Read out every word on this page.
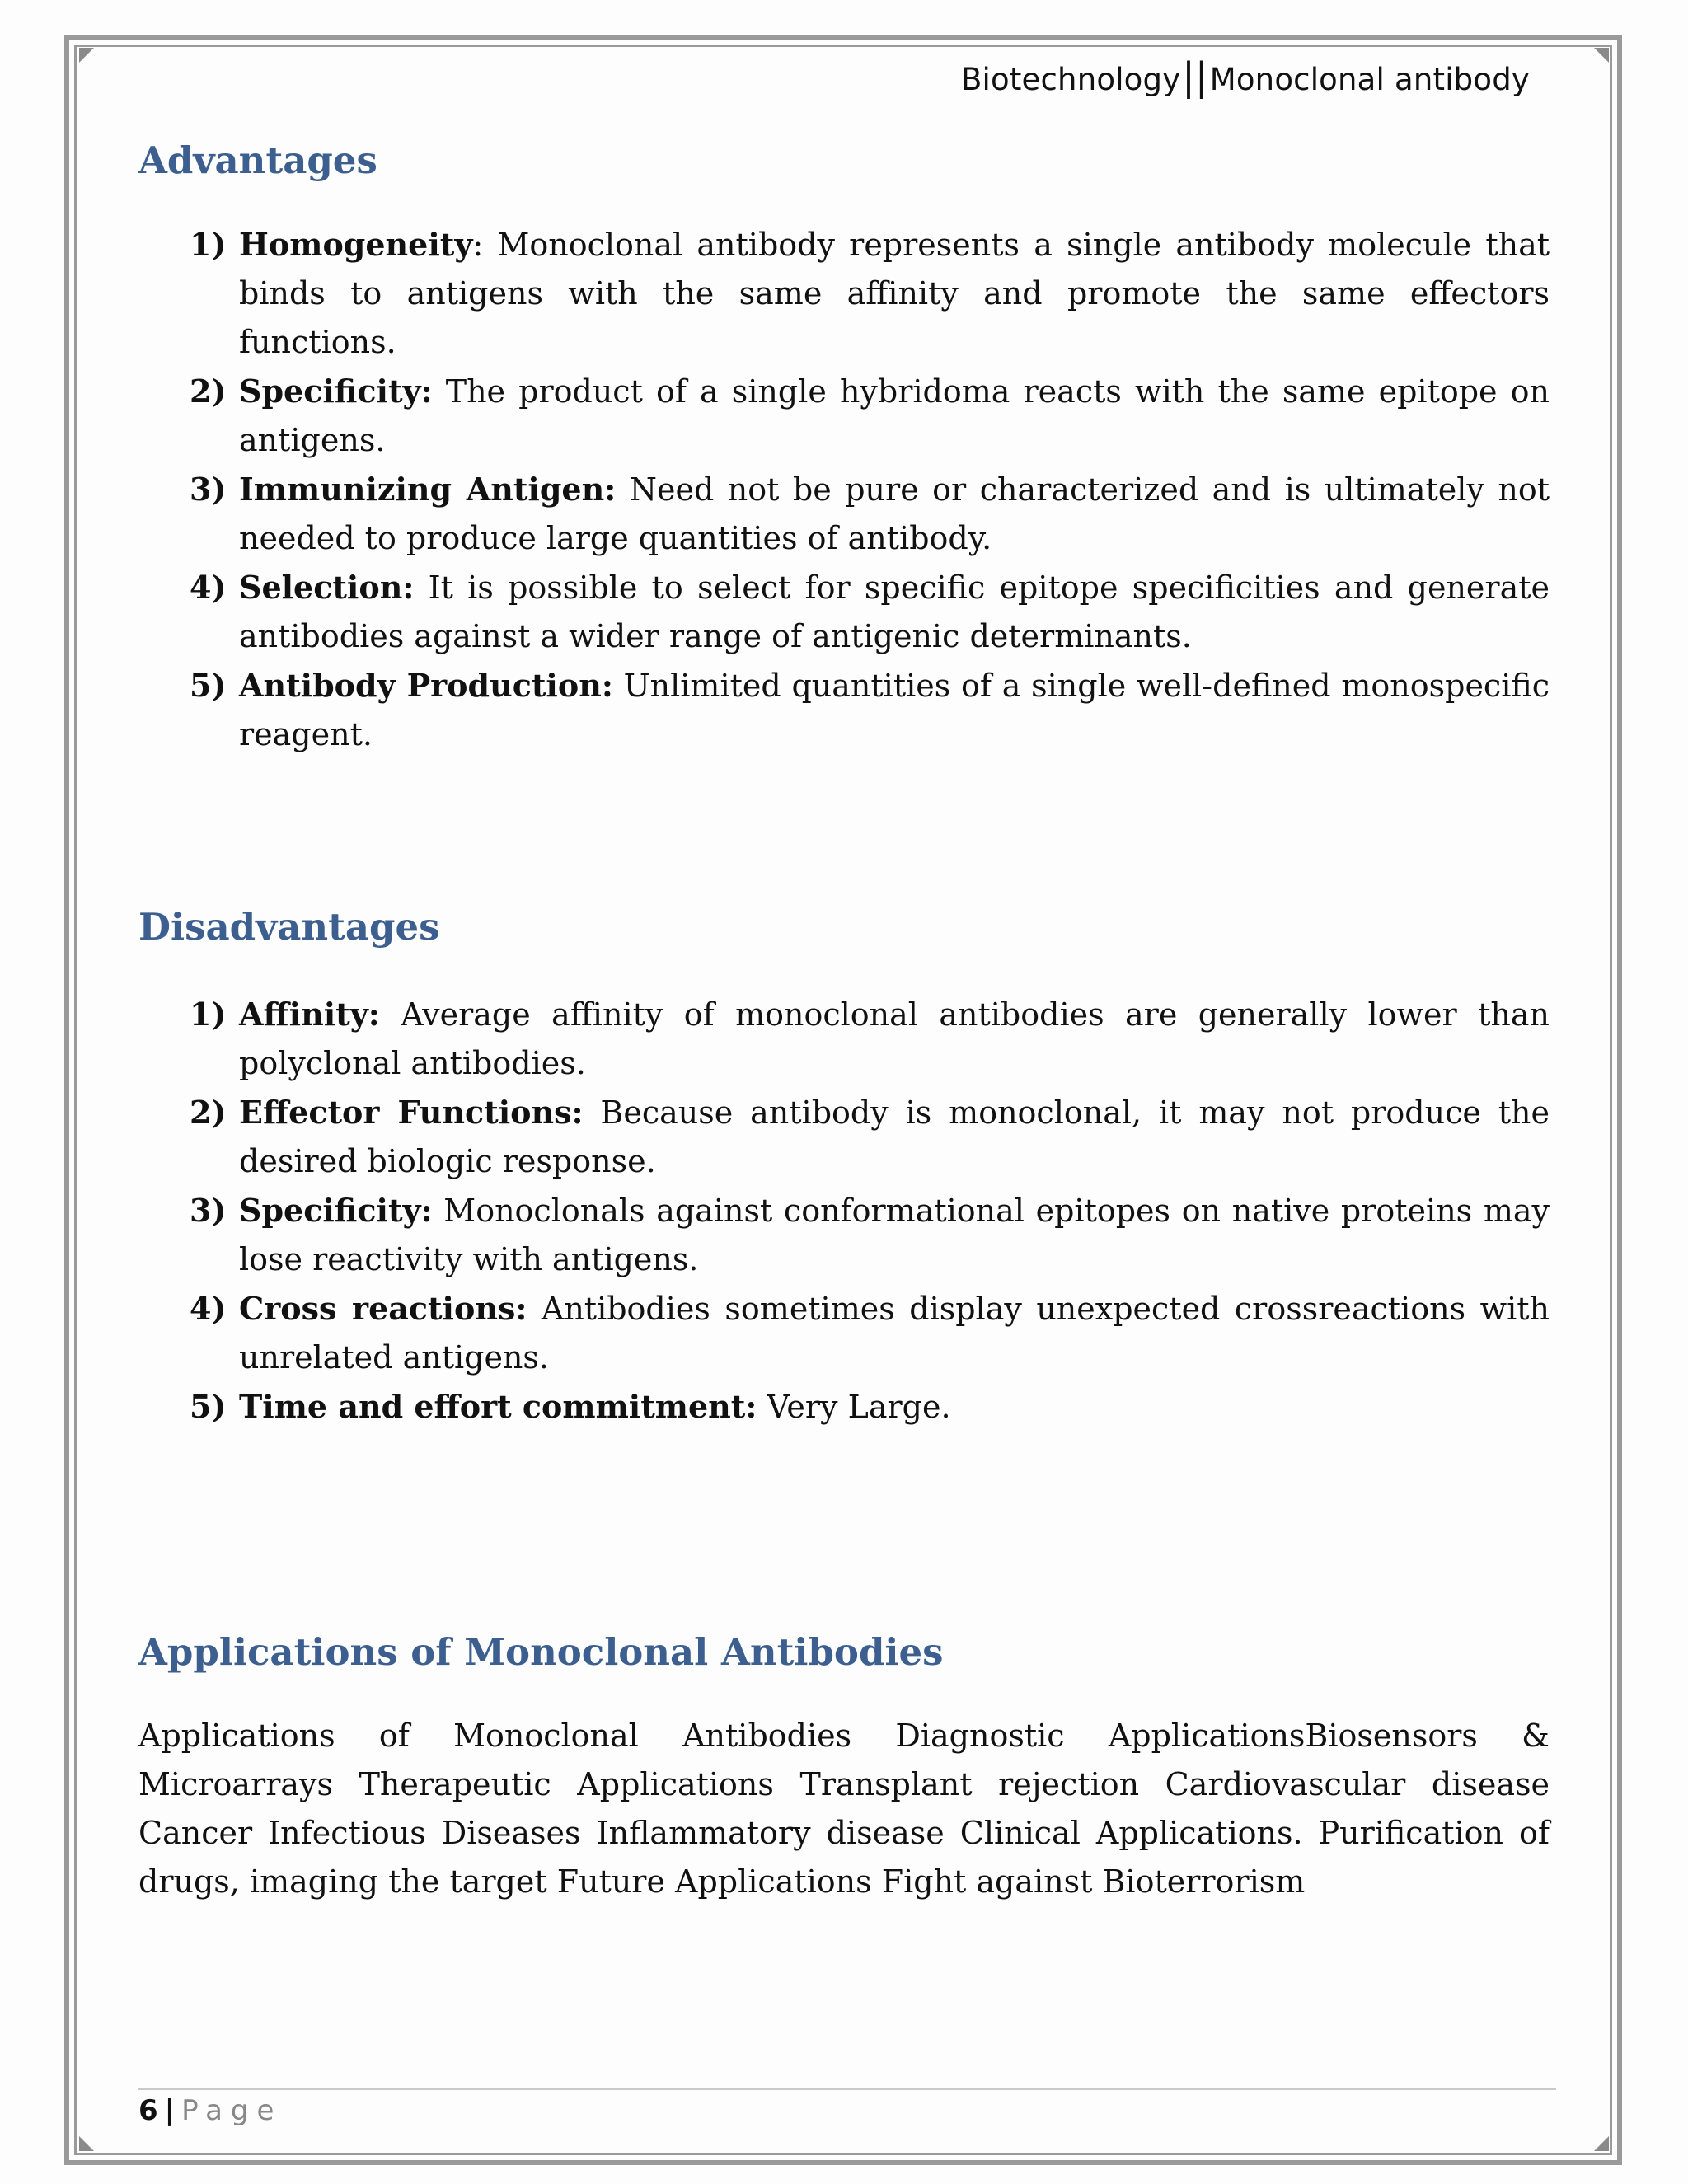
Biotechnology||Monoclonal antibody
Advantages
1) Homogeneity: Monoclonal antibody represents a single antibody molecule that binds to antigens with the same affinity and promote the same effectors functions.
2) Specificity: The product of a single hybridoma reacts with the same epitope on antigens.
3) Immunizing Antigen: Need not be pure or characterized and is ultimately not needed to produce large quantities of antibody.
4) Selection: It is possible to select for specific epitope specificities and generate antibodies against a wider range of antigenic determinants.
5) Antibody Production: Unlimited quantities of a single well-defined monospecific reagent.
Disadvantages
1) Affinity: Average affinity of monoclonal antibodies are generally lower than polyclonal antibodies.
2) Effector Functions: Because antibody is monoclonal, it may not produce the desired biologic response.
3) Specificity: Monoclonals against conformational epitopes on native proteins may lose reactivity with antigens.
4) Cross reactions: Antibodies sometimes display unexpected crossreactions with unrelated antigens.
5) Time and effort commitment: Very Large.
Applications of Monoclonal Antibodies

Applications of Monoclonal Antibodies Diagnostic ApplicationsBiosensors & Microarrays Therapeutic Applications Transplant rejection Cardiovascular disease Cancer Infectious Diseases Inflammatory disease Clinical Applications. Purification of drugs, imaging the target Future Applications Fight against Bioterrorism

6 | Page
